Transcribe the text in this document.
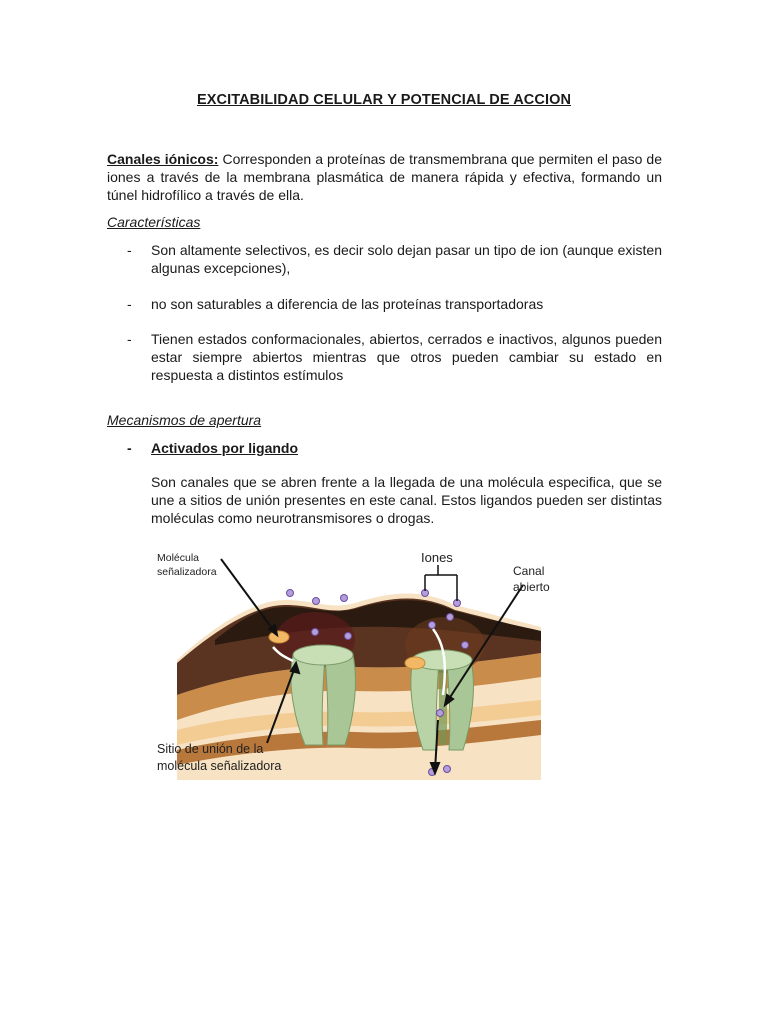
EXCITABILIDAD CELULAR Y POTENCIAL DE ACCION
Canales iónicos: Corresponden a proteínas de transmembrana que permiten el paso de iones a través de la membrana plasmática de manera rápida y efectiva, formando un túnel hidrofílico a través de ella.
Características
- Son altamente selectivos, es decir solo dejan pasar un tipo de ion (aunque existen algunas excepciones),
- no son saturables a diferencia de las proteínas transportadoras
- Tienen estados conformacionales, abiertos, cerrados e inactivos, algunos pueden estar siempre abiertos mientras que otros pueden cambiar su estado en respuesta a distintos estímulos
Mecanismos de apertura
- Activados por ligando
Son canales que se abren frente a la llegada de una molécula especifica, que se une a sitios de unión presentes en este canal. Estos ligandos pueden ser distintas moléculas como neurotransmisores o drogas.
Molécula
señalizadora
Iones
Canal
abierto
Sitio de unión de la
molécula señalizadora
